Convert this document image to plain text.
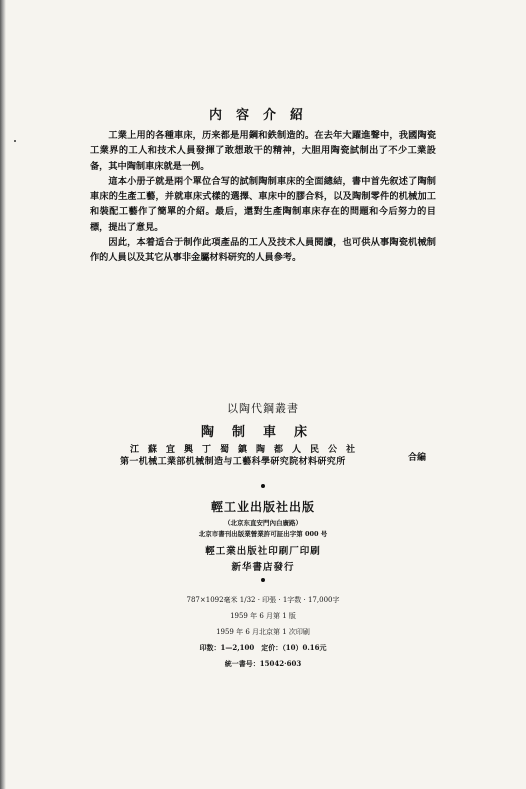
内容介紹

工業上用的各種車床，历来都是用鋼和鉄制造的。在去年大躍進聲中，我國陶瓷工業界的工人和技术人員發揮了敢想敢干的精神，大胆用陶瓷試制出了不少工業設备，其中陶制車床就是一例。

這本小册子就是兩个單位合写的試制陶制車床的全面總結，書中首先叙述了陶制車床的生產工藝，并就車床式樣的選擇、車床中的膠合料，以及陶制零件的机械加工和裝配工藝作了簡單的介紹。最后，還對生產陶制車床存在的問題和今后努力的目標，提出了意見。

因此，本着适合于制作此項產品的工人及技术人員閱讀，也可供从事陶瓷机械制作的人員以及其它从事非金屬材料研究的人員參考。

以陶代鋼叢書
陶制車床
江蘇宜興丁蜀鎮陶都人民公社
第一机械工業部机械制造与工藝科學研究院材料研究所	合編
輕工业出版社出版
（北京东直安門內白廣路）
北京市書刊出版業營業許可証出字第 000 号
輕工業出版社印刷厂印刷
新华書店發行
787×1092毫米 1/32 · 印張 · 1字数 · 17,000字
1959 年 6 月第 1 版
1959 年 6 月北京第 1 次印刷
印数：1—2,100　定价：（10）0.16元
統一書号：15042·603
